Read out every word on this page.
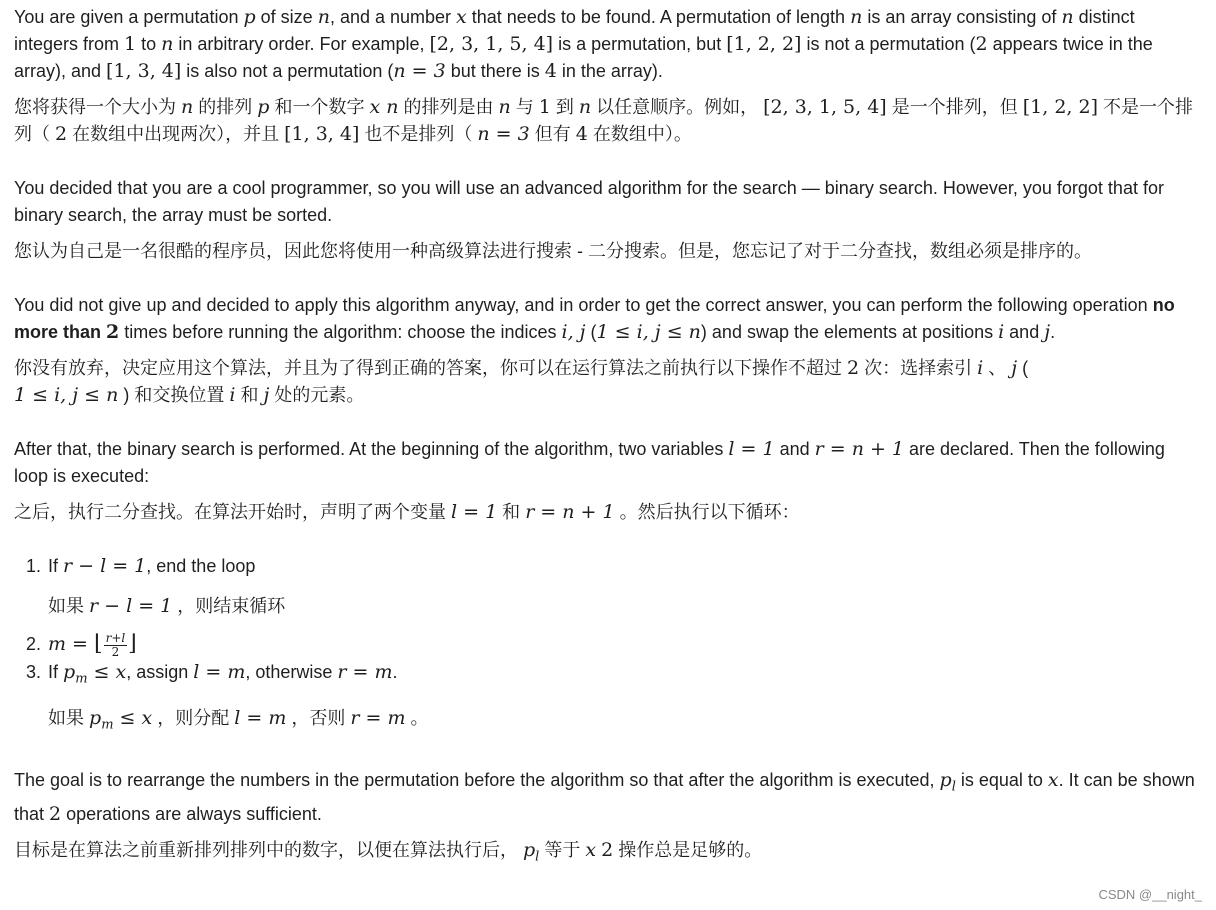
You are given a permutation p of size n, and a number x that needs to be found. A permutation of length n is an array consisting of n distinct integers from 1 to n in arbitrary order. For example, [2, 3, 1, 5, 4] is a permutation, but [1, 2, 2] is not a permutation (2 appears twice in the array), and [1, 3, 4] is also not a permutation (n = 3 but there is 4 in the array).

您将获得一个大小为 n 的排列 p 和一个数字 x n 的排列是由 n 与 1 到 n 以任意顺序。例如， [2, 3, 1, 5, 4] 是一个排列，但 [1, 2, 2] 不是一个排列（ 2 在数组中出现两次），并且 [1, 3, 4] 也不是排列（ n = 3 但有 4 在数组中）。

You decided that you are a cool programmer, so you will use an advanced algorithm for the search — binary search. However, you forgot that for binary search, the array must be sorted.

您认为自己是一名很酷的程序员，因此您将使用一种高级算法进行搜索 - 二分搜索。但是，您忘记了对于二分查找，数组必须是排序的。

You did not give up and decided to apply this algorithm anyway, and in order to get the correct answer, you can perform the following operation no more than 2 times before running the algorithm: choose the indices i, j (1 ≤ i, j ≤ n) and swap the elements at positions i and j.

你没有放弃，决定应用这个算法，并且为了得到正确的答案，你可以在运行算法之前执行以下操作不超过 2 次：选择索引 i 、 j (
1 ≤ i, j ≤ n ) 和交换位置 i 和 j 处的元素。

After that, the binary search is performed. At the beginning of the algorithm, two variables l = 1 and r = n + 1 are declared. Then the following loop is executed:

之后，执行二分查找。在算法开始时，声明了两个变量 l = 1 和 r = n + 1 。然后执行以下循环：

1. If r − l = 1, end the loop
如果 r − l = 1 ，则结束循环
2. m = ⌊ $\frac{r+l}{2}$ ⌋
3. If $p_m \le x$, assign l = m, otherwise r = m.
如果 $p_m \le x$ ，则分配 l = m ，否则 r = m 。

The goal is to rearrange the numbers in the permutation before the algorithm so that after the algorithm is executed, $p_l$ is equal to x. It can be shown that 2 operations are always sufficient.

目标是在算法之前重新排列排列中的数字，以便在算法执行后， $p_l$ 等于 x 2 操作总是足够的。

CSDN @__night_
